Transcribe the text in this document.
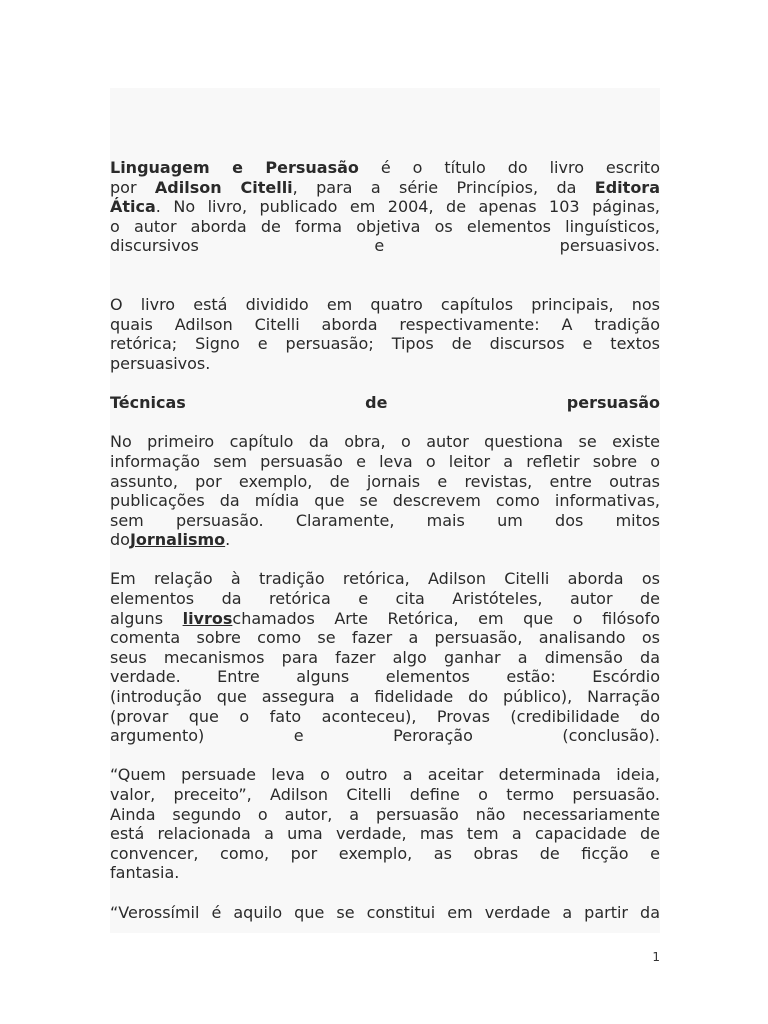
Linguagem e Persuasão é o título do livro escrito
por Adilson Citelli, para a série Princípios, da Editora
Ática. No livro, publicado em 2004, de apenas 103 páginas,
o autor aborda de forma objetiva os elementos linguísticos,
discursivos e persuasivos.
O livro está dividido em quatro capítulos principais, nos
quais Adilson Citelli aborda respectivamente: A tradição
retórica; Signo e persuasão; Tipos de discursos e textos
persuasivos.
Técnicas de persuasão
No primeiro capítulo da obra, o autor questiona se existe
informação sem persuasão e leva o leitor a refletir sobre o
assunto, por exemplo, de jornais e revistas, entre outras
publicações da mídia que se descrevem como informativas,
sem persuasão. Claramente, mais um dos mitos
doJornalismo.
Em relação à tradição retórica, Adilson Citelli aborda os
elementos da retórica e cita Aristóteles, autor de
alguns livroschamados Arte Retórica, em que o filósofo
comenta sobre como se fazer a persuasão, analisando os
seus mecanismos para fazer algo ganhar a dimensão da
verdade. Entre alguns elementos estão: Escórdio
(introdução que assegura a fidelidade do público), Narração
(provar que o fato aconteceu), Provas (credibilidade do
argumento) e Peroração (conclusão).
“Quem persuade leva o outro a aceitar determinada ideia,
valor, preceito”, Adilson Citelli define o termo persuasão.
Ainda segundo o autor, a persuasão não necessariamente
está relacionada a uma verdade, mas tem a capacidade de
convencer, como, por exemplo, as obras de ficção e
fantasia.
“Verossímil é aquilo que se constitui em verdade a partir da
1
